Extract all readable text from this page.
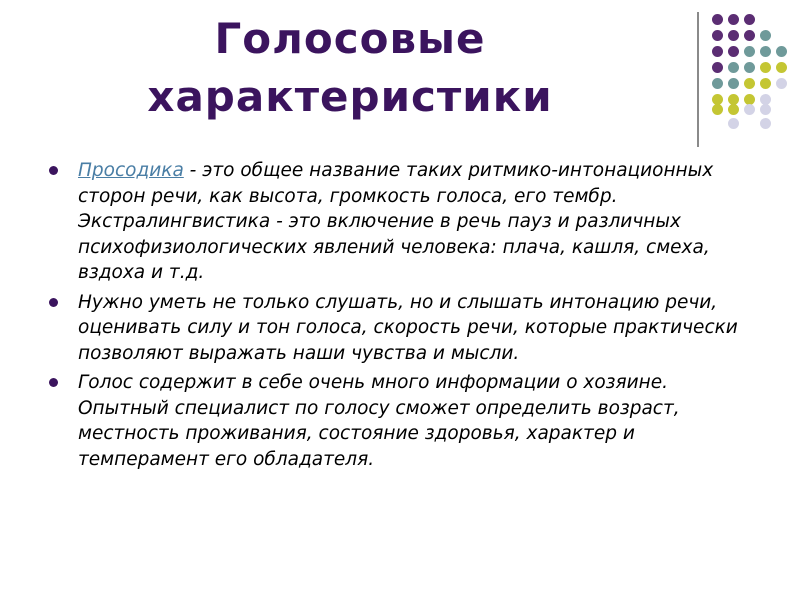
Голосовые
характеристики
Просодика - это общее название таких ритмико-интонационных сторон речи, как высота, громкость голоса, его тембр. Экстралингвистика - это включение в речь пауз и различных психофизиологических явлений человека: плача, кашля, смеха, вздоха и т.д.
Нужно уметь не только слушать, но и слышать интонацию речи, оценивать силу и тон голоса, скорость речи, которые практически позволяют выражать наши чувства и мысли.
Голос содержит в себе очень много информации о хозяине. Опытный специалист по голосу сможет определить возраст, местность проживания, состояние здоровья, характер и темперамент его обладателя.
